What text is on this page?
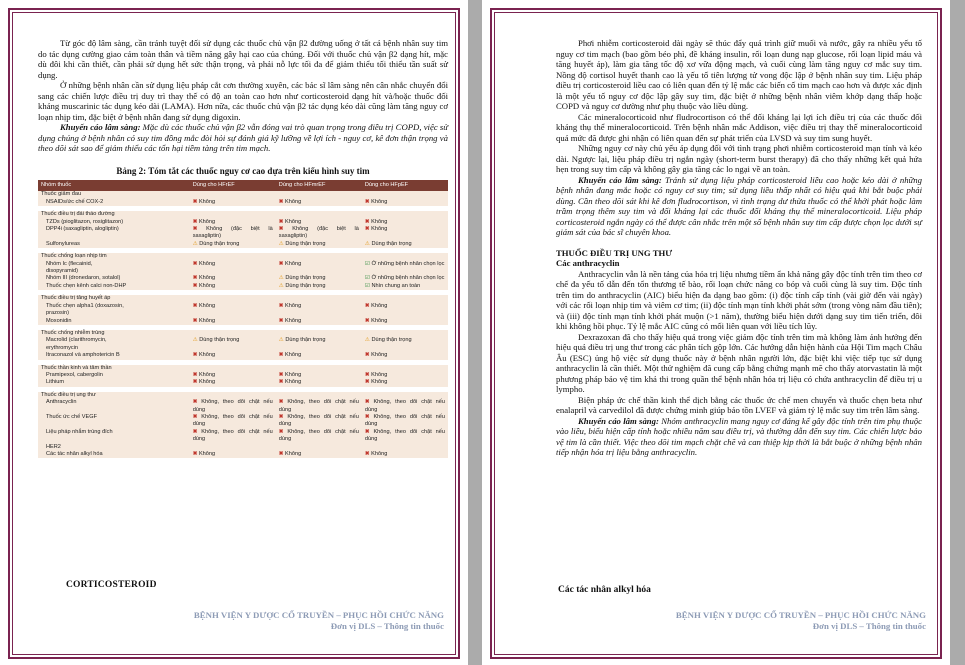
Từ góc độ lâm sàng, cần tránh tuyệt đối sử dụng các thuốc chủ vận β2 đường uống ở tất cả bệnh nhân suy tim do tác dụng cường giao cảm toàn thân và tiềm năng gây hại cao của chúng. Đối với thuốc chủ vận β2 dạng hít, mặc dù đôi khi cần thiết, cần phải sử dụng hết sức thận trọng, và phải nỗ lực tối đa để giảm thiểu tối thiểu tần suất sử dụng.

Ở những bệnh nhân cần sử dụng liệu pháp cắt cơn thường xuyên, các bác sĩ lâm sàng nên cân nhắc chuyển đổi sang các chiến lược điều trị duy trì thay thế có độ an toàn cao hơn như corticosteroid dạng hít và/hoặc thuốc đối kháng muscarinic tác dụng kéo dài (LAMA). Hơn nữa, các thuốc chủ vận β2 tác dụng kéo dài cũng làm tăng nguy cơ loạn nhịp tim, đặc biệt ở bệnh nhân đang sử dụng digoxin.

Khuyến cáo lâm sàng: Mặc dù các thuốc chủ vận β2 vẫn đóng vai trò quan trọng trong điều trị COPD, việc sử dụng chúng ở bệnh nhân có suy tim đồng mắc đòi hỏi sự đánh giá kỹ lưỡng về lợi ích - nguy cơ, kê đơn thận trọng và theo dõi sát sao để giảm thiểu các tổn hại tiềm tàng trên tim mạch.

Bảng 2: Tóm tắt các thuốc nguy cơ cao dựa trên kiểu hình suy tim

Nhóm thuốc	Dùng cho HFrEF	Dùng cho HFmrEF	Dùng cho HFpEF
Thuốc giảm đau			
NSAIDs/ức chế COX-2	✖ Không	✖ Không	✖ Không

Thuốc điều trị đái tháo đường			
TZDs (pioglitazon, rosiglitazon)	✖ Không	✖ Không	✖ Không
DPP4i (saxagliptin, alogliptin)	✖ Không (đặc biệt là saxagliptin)	✖ Không (đặc biệt là saxagliptin)	✖ Không
Sulfonylureas	⚠ Dùng thận trọng	⚠ Dùng thận trọng	⚠ Dùng thận trọng

Thuốc chống loạn nhịp tim			
Nhóm Ic (flecainid,	✖ Không	✖ Không	☑ Ở những bệnh nhân chọn lọc
disopyramid)			
Nhóm III (dronedaron, sotalol)	✖ Không	⚠ Dùng thận trọng	☑ Ở những bệnh nhân chọn lọc
Thuốc chẹn kênh calci non-DHP	✖ Không	⚠ Dùng thận trọng	☑ Nhìn chung an toàn

Thuốc điều trị tăng huyết áp			
Thuốc chẹn alpha1 (doxazosin,	✖ Không	✖ Không	✖ Không
prazosin)			
Moxonidin	✖ Không	✖ Không	✖ Không

Thuốc chống nhiễm trùng			
Macrolid (clarithromycin,	⚠ Dùng thận trọng	⚠ Dùng thận trọng	⚠ Dùng thận trọng
erythromycin			
Itraconazol và amphotericin B	✖ Không	✖ Không	✖ Không

Thuốc thần kinh và tâm thần			
Pramipexol, cabergolin	✖ Không	✖ Không	✖ Không
Lithium	✖ Không	✖ Không	✖ Không

Thuốc điều trị ung thư			
Anthracyclin	✖ Không, theo dõi chặt nếu dùng	✖ Không, theo dõi chặt nếu dùng	✖ Không, theo dõi chặt nếu dùng
Thuốc ức chế VEGF	✖ Không, theo dõi chặt nếu dùng	✖ Không, theo dõi chặt nếu dùng	✖ Không, theo dõi chặt nếu dùng
Liệu pháp nhắm trúng đích	✖ Không, theo dõi chặt nếu dùng	✖ Không, theo dõi chặt nếu dùng	✖ Không, theo dõi chặt nếu dùng
HER2			
Các tác nhân alkyl hóa	✖ Không	✖ Không	✖ Không
CORTICOSTEROID
BỆNH VIỆN Y DƯỢC CỔ TRUYỀN – PHỤC HỒI CHỨC NĂNG
Đơn vị DLS – Thông tin thuốc

Phơi nhiễm corticosteroid dài ngày sẽ thúc đẩy quá trình giữ muối và nước, gây ra nhiều yếu tố nguy cơ tim mạch (bao gồm béo phì, đề kháng insulin, rối loạn dung nạp glucose, rối loạn lipid máu và tăng huyết áp), làm gia tăng tốc độ xơ vữa động mạch, và cuối cùng làm tăng nguy cơ mắc suy tim. Nồng độ cortisol huyết thanh cao là yếu tố tiên lượng tử vong độc lập ở bệnh nhân suy tim. Liệu pháp điều trị corticosteroid liều cao có liên quan đến tỷ lệ mắc các biến cố tim mạch cao hơn và được xác định là một yếu tố nguy cơ độc lập gây suy tim, đặc biệt ở những bệnh nhân viêm khớp dạng thấp hoặc COPD và nguy cơ dường như phụ thuộc vào liều dùng.

Các mineralocorticoid như fludrocortison có thể đối kháng lại lợi ích điều trị của các thuốc đối kháng thụ thể mineralocorticoid. Trên bệnh nhân mắc Addison, việc điều trị thay thế mineralocorticoid quá mức đã được ghi nhận có liên quan đến sự phát triển của LVSD và suy tim sung huyết.

Những nguy cơ này chủ yếu áp dụng đối với tình trạng phơi nhiễm corticosteroid mạn tính và kéo dài. Ngược lại, liệu pháp điều trị ngắn ngày (short-term burst therapy) đã cho thấy những kết quả hứa hẹn trong suy tim cấp và không gây gia tăng các lo ngại về an toàn.

Khuyến cáo lâm sàng: Tránh sử dụng liệu pháp corticosteroid liều cao hoặc kéo dài ở những bệnh nhân đang mắc hoặc có nguy cơ suy tim; sử dụng liều thấp nhất có hiệu quả khi bắt buộc phải dùng. Cần theo dõi sát khi kê đơn fludrocortison, vì tình trạng dư thừa thuốc có thể khởi phát hoặc làm trầm trọng thêm suy tim và đối kháng lại các thuốc đối kháng thụ thể mineralocorticoid. Liệu pháp corticosteroid ngắn ngày có thể được cân nhắc trên một số bệnh nhân suy tim cấp được chọn lọc dưới sự giám sát của bác sĩ chuyên khoa.

THUỐC ĐIỀU TRỊ UNG THƯ

Các anthracyclin

Anthracyclin vẫn là nền tảng của hóa trị liệu nhưng tiềm ẩn khả năng gây độc tính trên tim theo cơ chế đa yếu tố dẫn đến tổn thương tế bào, rối loạn chức năng co bóp và cuối cùng là suy tim. Độc tính trên tim do anthracyclin (AIC) biểu hiện đa dạng bao gồm: (i) độc tính cấp tính (vài giờ đến vài ngày) với các rối loạn nhịp tim và viêm cơ tim; (ii) độc tính mạn tính khởi phát sớm (trong vòng năm đầu tiên); và (iii) độc tính mạn tính khởi phát muộn (>1 năm), thường biểu hiện dưới dạng suy tim tiến triển, đôi khi không hồi phục. Tỷ lệ mắc AIC cũng có mối liên quan với liều tích lũy.

Dexrazoxan đã cho thấy hiệu quả trong việc giảm độc tính trên tim mà không làm ảnh hưởng đến hiệu quả điều trị ung thư trong các phân tích gộp lớn. Các hướng dẫn hiện hành của Hội Tim mạch Châu Âu (ESC) ủng hộ việc sử dụng thuốc này ở bệnh nhân người lớn, đặc biệt khi việc tiếp tục sử dụng anthracyclin là cần thiết. Một thử nghiệm đã cung cấp bằng chứng mạnh mẽ cho thấy atorvastatin là một phương pháp bảo vệ tim khả thi trong quần thể bệnh nhân hóa trị liệu có chứa anthracyclin để điều trị u lympho.

Biện pháp ức chế thần kinh thể dịch bằng các thuốc ức chế men chuyển và thuốc chẹn beta như enalapril và carvedilol đã được chứng minh giúp bảo tồn LVEF và giảm tỷ lệ mắc suy tim trên lâm sàng.

Khuyến cáo lâm sàng: Nhóm anthracyclin mang nguy cơ đáng kể gây độc tính trên tim phụ thuộc vào liều, biểu hiện cấp tính hoặc nhiều năm sau điều trị, và thường dẫn đến suy tim. Các chiến lược bảo vệ tim là cần thiết. Việc theo dõi tim mạch chặt chẽ và can thiệp kịp thời là bắt buộc ở những bệnh nhân tiếp nhận hóa trị liệu bằng anthracyclin.

Các tác nhân alkyl hóa
BỆNH VIỆN Y DƯỢC CỔ TRUYỀN – PHỤC HỒI CHỨC NĂNG
Đơn vị DLS – Thông tin thuốc
